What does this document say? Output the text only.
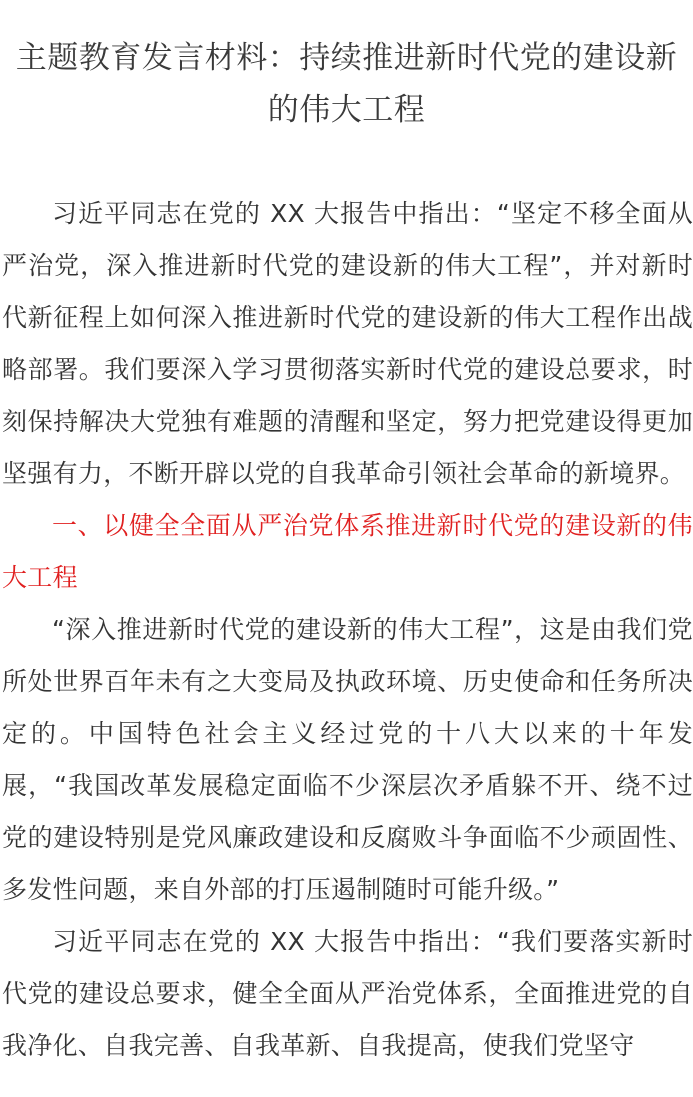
主题教育发言材料：持续推进新时代党的建设新的伟大工程

习近平同志在党的 XX 大报告中指出：“坚定不移全面从严治党，深入推进新时代党的建设新的伟大工程”，并对新时代新征程上如何深入推进新时代党的建设新的伟大工程作出战略部署。我们要深入学习贯彻落实新时代党的建设总要求，时刻保持解决大党独有难题的清醒和坚定，努力把党建设得更加坚强有力，不断开辟以党的自我革命引领社会革命的新境界。

一、以健全全面从严治党体系推进新时代党的建设新的伟大工程

“深入推进新时代党的建设新的伟大工程”，这是由我们党所处世界百年未有之大变局及执政环境、历史使命和任务所决定的。中国特色社会主义经过党的十八大以来的十年发展，“我国改革发展稳定面临不少深层次矛盾躲不开、绕不过党的建设特别是党风廉政建设和反腐败斗争面临不少顽固性、多发性问题，来自外部的打压遏制随时可能升级。”

习近平同志在党的 XX 大报告中指出：“我们要落实新时代党的建设总要求，健全全面从严治党体系，全面推进党的自我净化、自我完善、自我革新、自我提高，使我们党坚守
